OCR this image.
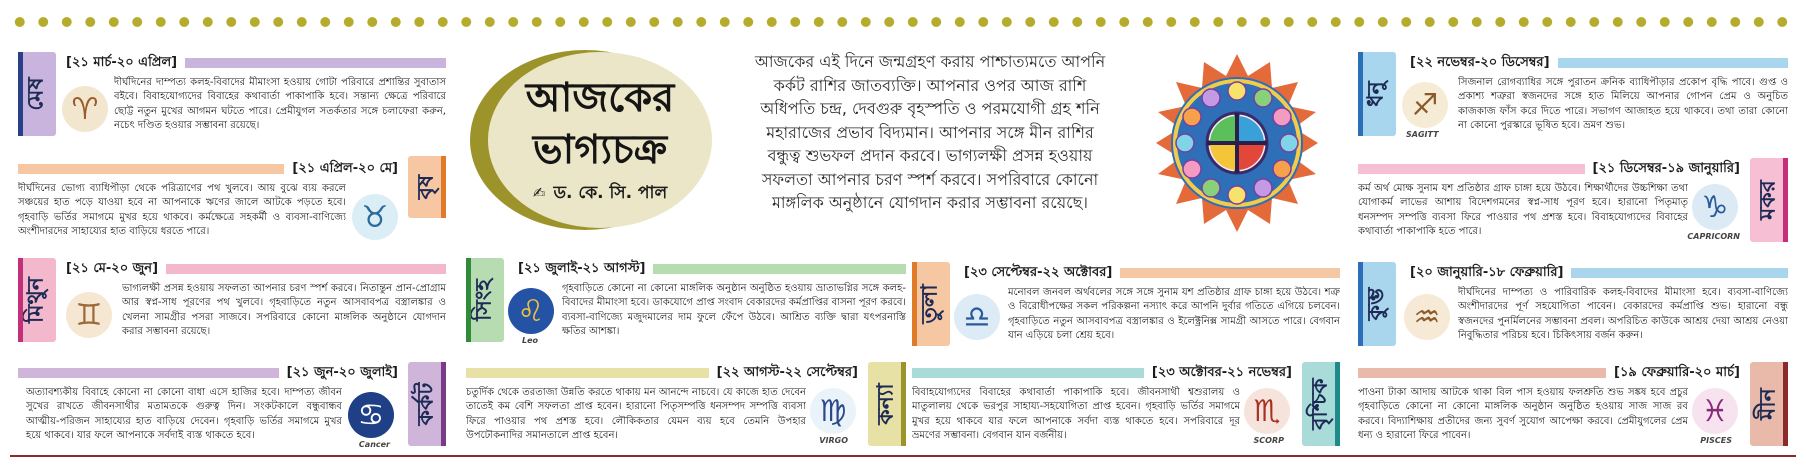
মেষ
[২১ মার্চ-২০ এপ্রিল]
♈
দীর্ঘদিনের দাম্পত্য কলহ-বিবাদের মীমাংসা হওয়ায় গোটা পরিবারে প্রশান্তির সুবাতাস বইবে। বিবাহযোগ্যদের বিবাহের কথাবার্তা পাকাপাকি হবে। সন্তান্য ক্ষেত্রে পরিবারে ছোট্ট নতুন মুখের আগমন ঘটতে পারে। প্রেমীযুগল সতর্কতার সঙ্গে চলাফেরা করুন, নচেৎ দণ্ডিত হওয়ার সম্ভাবনা রয়েছে।
[২১ এপ্রিল-২০ মে]
বৃষ
দীর্ঘদিনের ভোগ্য ব্যাধিপীড়া থেকে পরিত্রাণের পথ খুলবে। আয় বুঝে ব্যয় করলে সঞ্চয়ের হাত পড়ে যাওয়া হবে না আপনাকে ঋণের জালে আটকে পড়তে হবে। গৃহবাড়ি ভর্তির সমাগমে মুখর হয়ে থাকবে। কর্মক্ষেত্রে সহকর্মী ও ব্যবসা-বাণিজ্যে অংশীদারদের সাহায্যের হাত বাড়িয়ে ধরতে পারে।	♉
মিথুন
[২১ মে-২০ জুন]
♊
ভাগ্যলক্ষী প্রসন্ন হওয়ায় সফলতা আপনার চরণ স্পর্শ করবে। নিতান্তুন প্রান-প্রোগ্রাম আর স্বপ্ন-সাধ পূরণের পথ খুলবে। গৃহবাড়িতে নতুন আসবাবপত্র বস্ত্রালঙ্কার ও খেলনা সামগ্রীর পসরা সাজবে। সপরিবারে কোনো মাঙ্গলিক অনুষ্ঠানে যোগদান করার সম্ভাবনা রয়েছে।
[২১ জুন-২০ জুলাই]
কর্কট
অত্যাবশ্যকীয় বিবাহে কোনো না কোনো বাধা এসে হাজির হবে। দাম্পত্য জীবন সুখের রাখতে জীবনসাথীর মতামতকে গুরুত্ব দিন। সংকটকালে বন্ধুবান্ধব আত্মীয়-পরিজন সাহায্যের হাত বাড়িয়ে দেবেন। গৃহবাড়ি ভর্তির সমাগমে মুখর হয়ে থাকবে। যার ফলে আপনাকে সর্বদাই ব্যস্ত থাকতে হবে।
♋
Cancer
আজকের
ভাগ্যচক্র
✍ ড. কে. সি. পাল
আজকের এই দিনে জন্মগ্রহণ করায় পাশ্চাত্যমতে আপনি কর্কট রাশির জাতব্যক্তি। আপনার ওপর আজ রাশি অধিপতি চন্দ্র, দেবগুরু বৃহস্পতি ও পরমযোগী গ্রহ শনি মহারাজের প্রভাব বিদ্যমান। আপনার সঙ্গে মীন রাশির বন্ধুত্ব শুভফল প্রদান করবে। ভাগ্যলক্ষী প্রসন্ন হওয়ায় সফলতা আপনার চরণ স্পর্শ করবে। সপরিবারে কোনো মাঙ্গলিক অনুষ্ঠানে যোগদান করার সম্ভাবনা রয়েছে।
সিংহ
[২১ জুলাই-২১ আগস্ট]
♌
Leo
গৃহবাড়িতে কোনো না কোনো মাঙ্গলিক অনুষ্ঠান অনুষ্ঠিত হওয়ায় ভ্রাতাভগ্নির সঙ্গে কলহ-বিবাদের মীমাংসা হবে। ডাকযোগে প্রাপ্ত সংবাদ বেকারদের কর্মপ্রাপ্তির বাসনা পূরণ করবে। ব্যবসা-বাণিজ্যে মজুদমালের দাম ফুলে ফেঁপে উঠবে। আশ্রিত ব্যক্তি দ্বারা যৎপরনাস্তি ক্ষতির আশঙ্কা।
[২২ আগস্ট-২২ সেপ্টেম্বর]
কন্যা
চতুর্দিক থেকে তরতাজা উন্নতি করতে থাকায় মন আনন্দে নাচবে। যে কাজে হাত দেবেন তাতেই কম বেশি সফলতা প্রাপ্ত হবেন। হারানো পিতৃসম্পত্তি ধনসম্পদ সম্পত্তি ব্যবসা ফিরে পাওয়ার পথ প্রশস্ত হবে। লৌকিকতার যেমন ব্যয় হবে তেমনি উপহার উপঢৌকনাদির সমানতালে প্রাপ্ত হবেন।
♍
VIRGO
তুলা
[২৩ সেপ্টেম্বর-২২ অক্টোবর]
♎
মনোবল জনবল অর্থবলের সঙ্গে সঙ্গে সুনাম যশ প্রতিষ্ঠার গ্রাফ চাঙ্গা হয়ে উঠবে। শত্রু ও বিরোধীপক্ষের সকল পরিকল্পনা নস্যাৎ করে আপনি দুর্বার গতিতে এগিয়ে চলবেন। গৃহবাড়িতে নতুন আসবাবপত্র বস্ত্রালঙ্কার ও ইলেক্ট্রনিক্স সামগ্রী আসতে পারে। বেগবান যান এড়িয়ে চলা শ্রেয় হবে।
[২৩ অক্টোবর-২১ নভেম্বর]
বৃশ্চিক
বিবাহযোগ্যদের বিবাহের কথাবার্তা পাকাপাকি হবে। জীবনসাথী শ্বশুরালয় ও মাতুলালয় থেকে ভরপুর সাহায্য-সহযোগিতা প্রাপ্ত হবেন। গৃহবাড়ি ভর্তির সমাগমে মুখর হয়ে থাকবে যার ফলে আপনাকে সর্বদা ব্যস্ত থাকতে হবে। সপরিবারে দূর ভ্রমণের সম্ভাবনা। বেগবান যান বর্জনীয়।
♏
SCORP
ধনু
[২২ নভেম্বর-২০ ডিসেম্বর]
♐
SAGITT
সিজনাল রোগব্যাধির সঙ্গে পুরাতন ক্রনিক ব্যাধিপীড়ার প্রকোপ বৃদ্ধি পাবে। গুপ্ত ও প্রকাশ্য শত্রুরা স্বজনদের সঙ্গে হাত মিলিয়ে আপনার গোপন প্রেম ও অনুচিত কাজকাজ ফাঁস করে দিতে পারে। সভাগণ আজাহত হয়ে থাকবে। তথা তারা কোনো না কোনো পুরস্কারে ভূষিত হবে। ভ্রমণ শুভ।
[২১ ডিসেম্বর-১৯ জানুয়ারি]
মকর
কর্ম অর্থ মোক্ষ সুনাম যশ প্রতিষ্ঠার গ্রাফ চাঙ্গা হয়ে উঠবে। শিক্ষার্থীদের উচ্চশিক্ষা তথা যোগাকর্ম লাভের আশায় বিদেশগমনের স্বপ্ন-সাধ পূরণ হবে। হারানো পিতৃমাতৃ ধনসম্পদ সম্পত্তি ব্যবসা ফিরে পাওয়ার পথ প্রশস্ত হবে। বিবাহযোগ্যদের বিবাহের কথাবার্তা পাকাপাকি হতে পারে।
♑
CAPRICORN
কুম্ভ
[২০ জানুয়ারি-১৮ ফেব্রুয়ারি]
♒
দীর্ঘদিনের দাম্পত্য ও পারিবারিক কলহ-বিবাদের মীমাংসা হবে। ব্যবসা-বাণিজ্যে অংশীদারদের পূর্ণ সহযোগিতা পাবেন। বেকারদের কর্মপ্রাপ্তি শুভ। হারানো বন্ধু স্বজনদের পুনর্মিলনের সম্ভাবনা প্রবল। অপরিচিত কাউকে আশ্রয় দেয়া আশ্রয় নেওয়া নিবুদ্ধিতার পরিচয় হবে। চিকিৎসায় বর্জন করুন।
[১৯ ফেব্রুয়ারি-২০ মার্চ]
মীন
পাওনা টাকা আদায় আটকে থাকা বিল পাস হওয়ায় ফলশ্রুতি শুভ সঙ্কষ হবে প্রচুর গৃহবাড়িতে কোনো না কোনো মাঙ্গলিক অনুষ্ঠান অনুষ্ঠিত হওয়ায় সাজ সাজ রব করবে। বিদ্যাশিক্ষায় প্রতীদের জন্য সুবর্ণ সুযোগ আপেক্ষা করবে। প্রেমীযুগলের প্রেম ধন্য ও হারানো ফিরে পাবেন।
♓
PISCES
